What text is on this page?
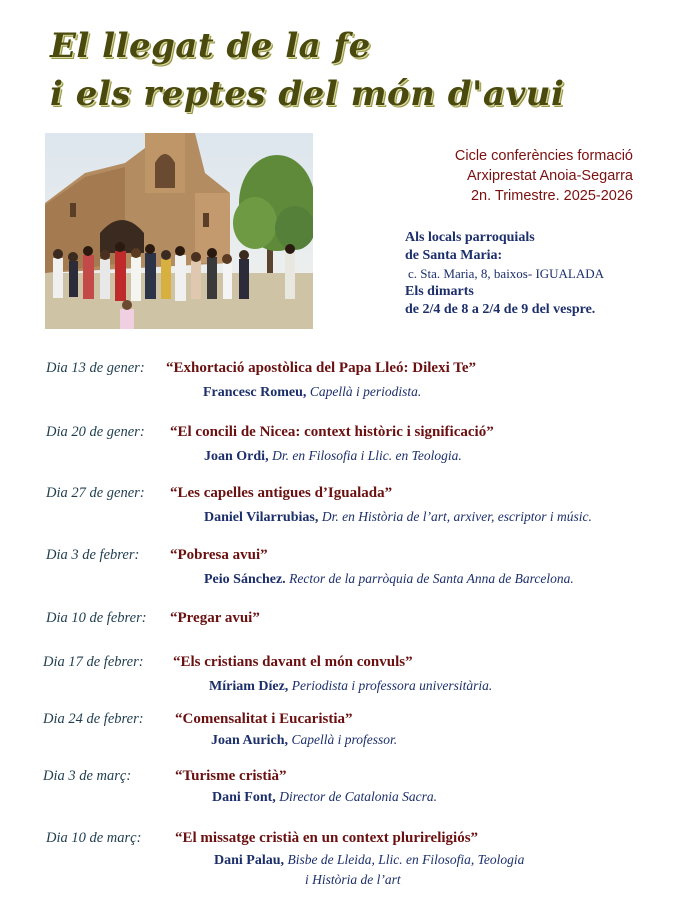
El llegat de la fe
i els reptes del món d'avui
Cicle conferències formació
Arxiprestat Anoia-Segarra
2n. Trimestre. 2025-2026
Als locals parroquials
de Santa Maria:
c. Sta. Maria, 8, baixos- IGUALADA
Els dimarts
de 2/4 de 8 a 2/4 de 9 del vespre.
Dia 13 de gener: “Exhortació apostòlica del Papa Lleó: Dilexi Te”
Francesc Romeu, Capellà i periodista.
Dia 20 de gener: “El concili de Nicea: context històric i significació”
Joan Ordi, Dr. en Filosofia i Llic. en Teologia.
Dia 27 de gener: “Les capelles antigues d’Igualada”
Daniel Vilarrubias, Dr. en Història de l’art, arxiver, escriptor i músic.
Dia 3 de febrer: “Pobresa avui”
Peio Sánchez. Rector de la parròquia de Santa Anna de Barcelona.
Dia 10 de febrer: “Pregar avui”
Dia 17 de febrer: “Els cristians davant el món convuls”
Míriam Díez, Periodista i professora universitària.
Dia 24 de febrer: “Comensalitat i Eucaristia”
Joan Aurich, Capellà i professor.
Dia 3 de març:	“Turisme cristià”
Dani Font, Director de Catalonia Sacra.
Dia 10 de març: “El missatge cristià en un context plurireligiós”
Dani Palau, Bisbe de Lleida, Llic. en Filosofia, Teologia
i Història de l’art
